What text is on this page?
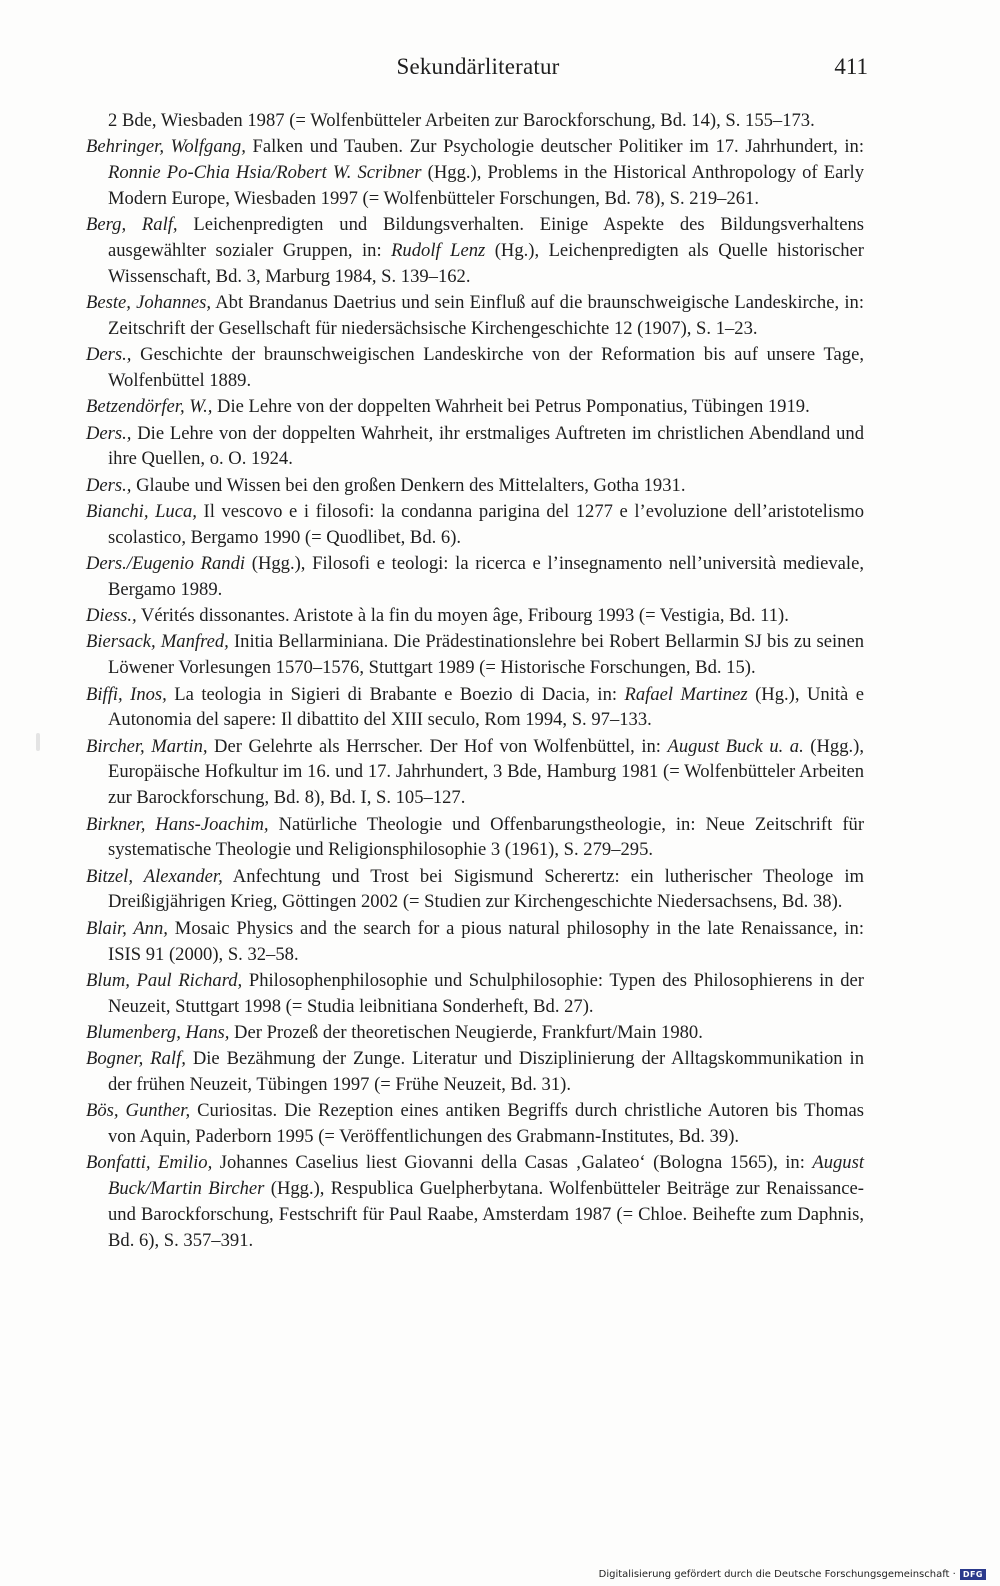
Sekundärliteratur	411

2 Bde, Wiesbaden 1987 (= Wolfenbütteler Arbeiten zur Barockforschung, Bd. 14), S. 155–173.

Behringer, Wolfgang, Falken und Tauben. Zur Psychologie deutscher Politiker im 17. Jahrhundert, in: Ronnie Po-Chia Hsia/Robert W. Scribner (Hgg.), Problems in the Historical Anthropology of Early Modern Europe, Wiesbaden 1997 (= Wolfenbütteler Forschungen, Bd. 78), S. 219–261.

Berg, Ralf, Leichenpredigten und Bildungsverhalten. Einige Aspekte des Bildungsverhaltens ausgewählter sozialer Gruppen, in: Rudolf Lenz (Hg.), Leichenpredigten als Quelle historischer Wissenschaft, Bd. 3, Marburg 1984, S. 139–162.

Beste, Johannes, Abt Brandanus Daetrius und sein Einfluß auf die braunschweigische Landeskirche, in: Zeitschrift der Gesellschaft für niedersächsische Kirchengeschichte 12 (1907), S. 1–23.

Ders., Geschichte der braunschweigischen Landeskirche von der Reformation bis auf unsere Tage, Wolfenbüttel 1889.

Betzendörfer, W., Die Lehre von der doppelten Wahrheit bei Petrus Pomponatius, Tübingen 1919.

Ders., Die Lehre von der doppelten Wahrheit, ihr erstmaliges Auftreten im christlichen Abendland und ihre Quellen, o. O. 1924.

Ders., Glaube und Wissen bei den großen Denkern des Mittelalters, Gotha 1931.

Bianchi, Luca, Il vescovo e i filosofi: la condanna parigina del 1277 e l’evoluzione dell’aristotelismo scolastico, Bergamo 1990 (= Quodlibet, Bd. 6).

Ders./Eugenio Randi (Hgg.), Filosofi e teologi: la ricerca e l’insegnamento nell’università medievale, Bergamo 1989.

Diess., Vérités dissonantes. Aristote à la fin du moyen âge, Fribourg 1993 (= Vestigia, Bd. 11).

Biersack, Manfred, Initia Bellarminiana. Die Prädestinationslehre bei Robert Bellarmin SJ bis zu seinen Löwener Vorlesungen 1570–1576, Stuttgart 1989 (= Historische Forschungen, Bd. 15).

Biffi, Inos, La teologia in Sigieri di Brabante e Boezio di Dacia, in: Rafael Martinez (Hg.), Unità e Autonomia del sapere: Il dibattito del XIII seculo, Rom 1994, S. 97–133.

Bircher, Martin, Der Gelehrte als Herrscher. Der Hof von Wolfenbüttel, in: August Buck u. a. (Hgg.), Europäische Hofkultur im 16. und 17. Jahrhundert, 3 Bde, Hamburg 1981 (= Wolfenbütteler Arbeiten zur Barockforschung, Bd. 8), Bd. I, S. 105–127.

Birkner, Hans-Joachim, Natürliche Theologie und Offenbarungstheologie, in: Neue Zeitschrift für systematische Theologie und Religionsphilosophie 3 (1961), S. 279–295.

Bitzel, Alexander, Anfechtung und Trost bei Sigismund Scherertz: ein lutherischer Theologe im Dreißigjährigen Krieg, Göttingen 2002 (= Studien zur Kirchengeschichte Niedersachsens, Bd. 38).

Blair, Ann, Mosaic Physics and the search for a pious natural philosophy in the late Renaissance, in: ISIS 91 (2000), S. 32–58.

Blum, Paul Richard, Philosophenphilosophie und Schulphilosophie: Typen des Philosophierens in der Neuzeit, Stuttgart 1998 (= Studia leibnitiana Sonderheft, Bd. 27).

Blumenberg, Hans, Der Prozeß der theoretischen Neugierde, Frankfurt/Main 1980.

Bogner, Ralf, Die Bezähmung der Zunge. Literatur und Disziplinierung der Alltagskommunikation in der frühen Neuzeit, Tübingen 1997 (= Frühe Neuzeit, Bd. 31).

Bös, Gunther, Curiositas. Die Rezeption eines antiken Begriffs durch christliche Autoren bis Thomas von Aquin, Paderborn 1995 (= Veröffentlichungen des Grabmann-Institutes, Bd. 39).

Bonfatti, Emilio, Johannes Caselius liest Giovanni della Casas ‚Galateo‘ (Bologna 1565), in: August Buck/Martin Bircher (Hgg.), Respublica Guelpherbytana. Wolfenbütteler Beiträge zur Renaissance- und Barockforschung, Festschrift für Paul Raabe, Amsterdam 1987 (= Chloe. Beihefte zum Daphnis, Bd. 6), S. 357–391.

Digitalisierung gefördert durch die Deutsche Forschungsgemeinschaft · DFG
